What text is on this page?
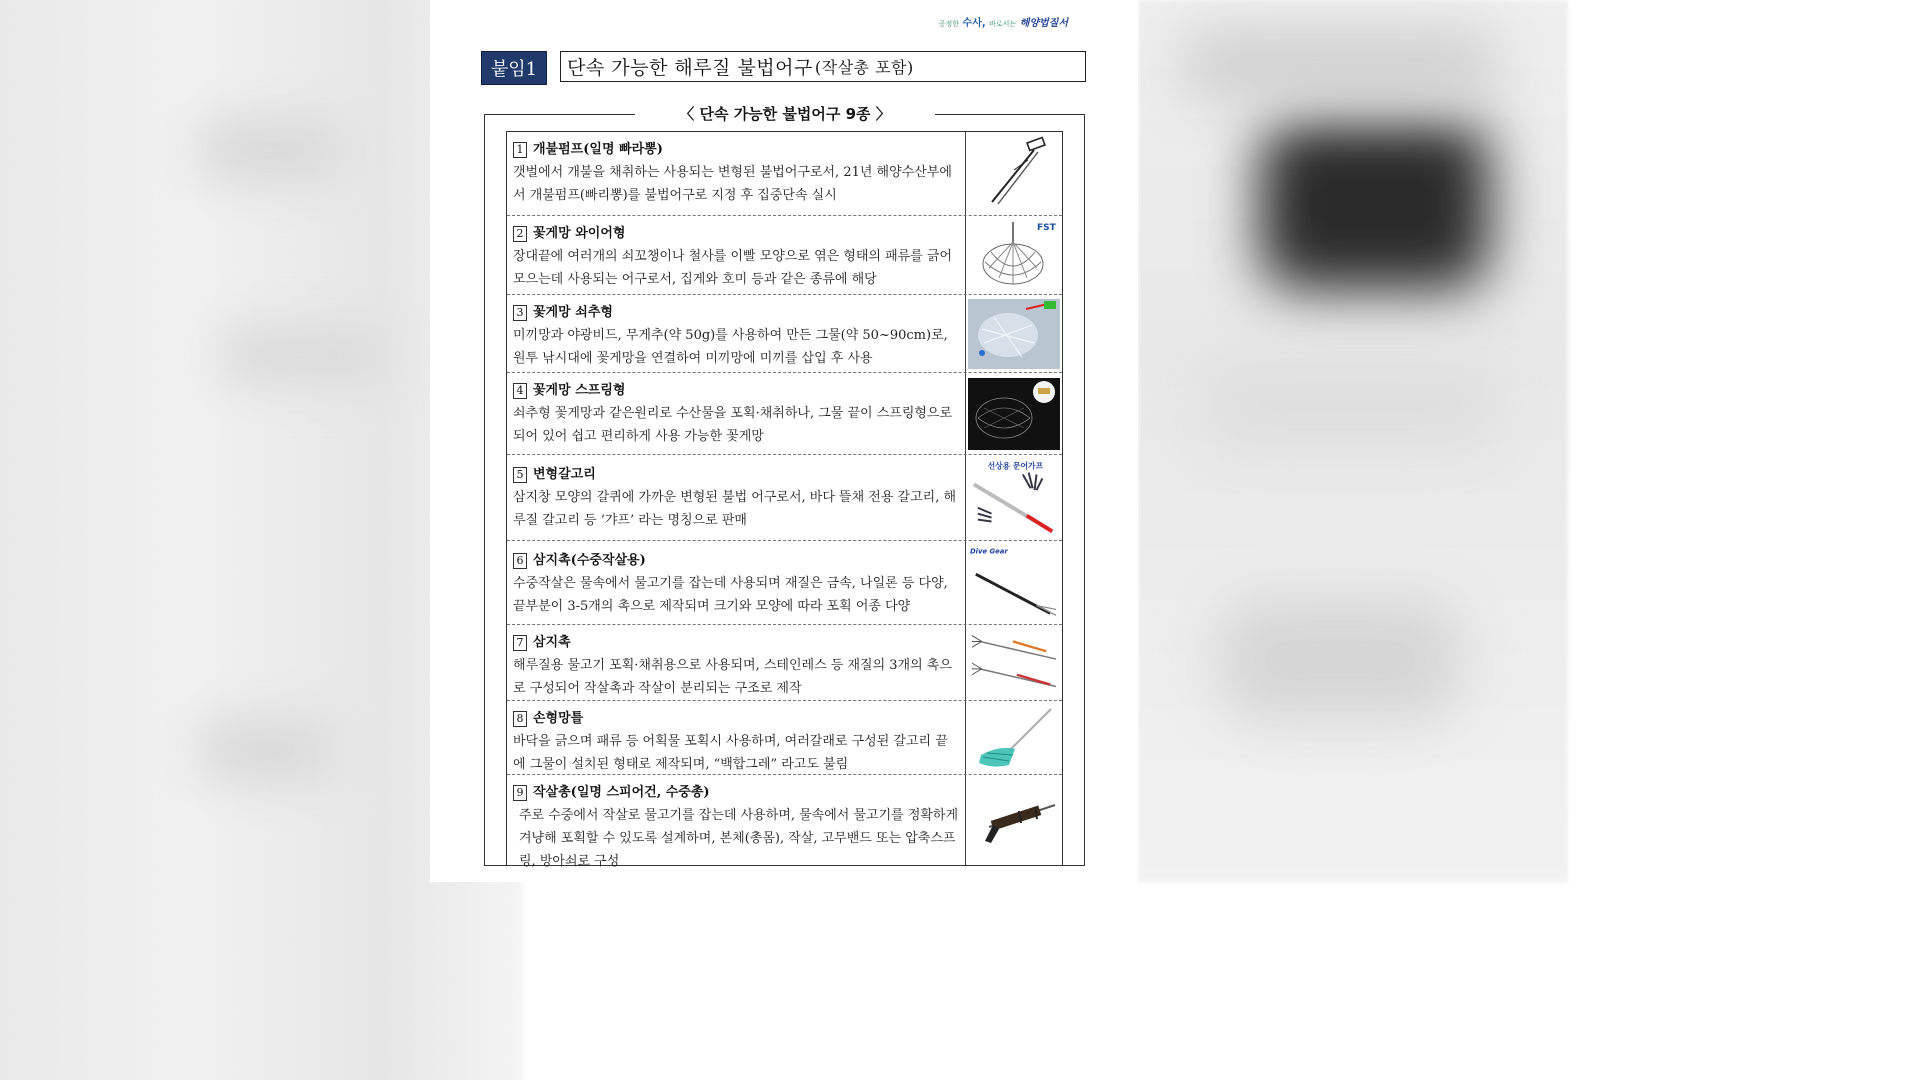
공정한 수사, 바로서는 해양법질서
붙임1	단속 가능한 해루질 불법어구 (작살총 포함)
〈 단속 가능한 불법어구 9종 〉
1 개불펌프(일명 빠라뽕)
갯벌에서 개불을 채취하는 사용되는 변형된 불법어구로서, 21년 해양수산부에서 개불펌프(빠리뽕)를 불법어구로 지정 후 집중단속 실시
2 꽃게망 와이어형
장대끝에 여러개의 쇠꼬챙이나 철사를 이빨 모양으로 엮은 형태의 패류를 긁어모으는데 사용되는 어구로서, 집게와 호미 등과 같은 종류에 해당
FST
3 꽃게망 쇠추형
미끼망과 야광비드, 무게추(약 50g)를 사용하여 만든 그물(약 50~90cm)로, 원투 낚시대에 꽃게망을 연결하여 미끼망에 미끼를 삽입 후 사용
4 꽃게망 스프링형
쇠추형 꽃게망과 같은원리로 수산물을 포획·채취하나, 그물 끝이 스프링형으로 되어 있어 쉽고 편리하게 사용 가능한 꽃게망
5 변형갈고리
삼지창 모양의 갈퀴에 가까운 변형된 불법 어구로서, 바다 뜰채 전용 갈고리, 해루질 갈고리 등 ‘갸프’ 라는 명칭으로 판매
선상용 문어가프
6 삼지촉(수중작살용)
수중작살은 물속에서 물고기를 잡는데 사용되며 재질은 금속, 나일론 등 다양, 끝부분이 3-5개의 촉으로 제작되며 크기와 모양에 따라 포획 어종 다양
Dive Gear
7 삼지촉
해루질용 물고기 포획·채취용으로 사용되며, 스테인레스 등 재질의 3개의 촉으로 구성되어 작살촉과 작살이 분리되는 구조로 제작
8 손형망틀
바닥을 긁으며 패류 등 어획물 포획시 사용하며, 여러갈래로 구성된 갈고리 끝에 그물이 설치된 형태로 제작되며, “백합그레” 라고도 불림
9 작살총(일명 스피어건, 수중총)
주로 수중에서 작살로 물고기를 잡는데 사용하며, 물속에서 물고기를 정확하게 겨냥해 포획할 수 있도록 설계하며, 본체(총몸), 작살, 고무밴드 또는 압축스프링, 방아쇠로 구성
